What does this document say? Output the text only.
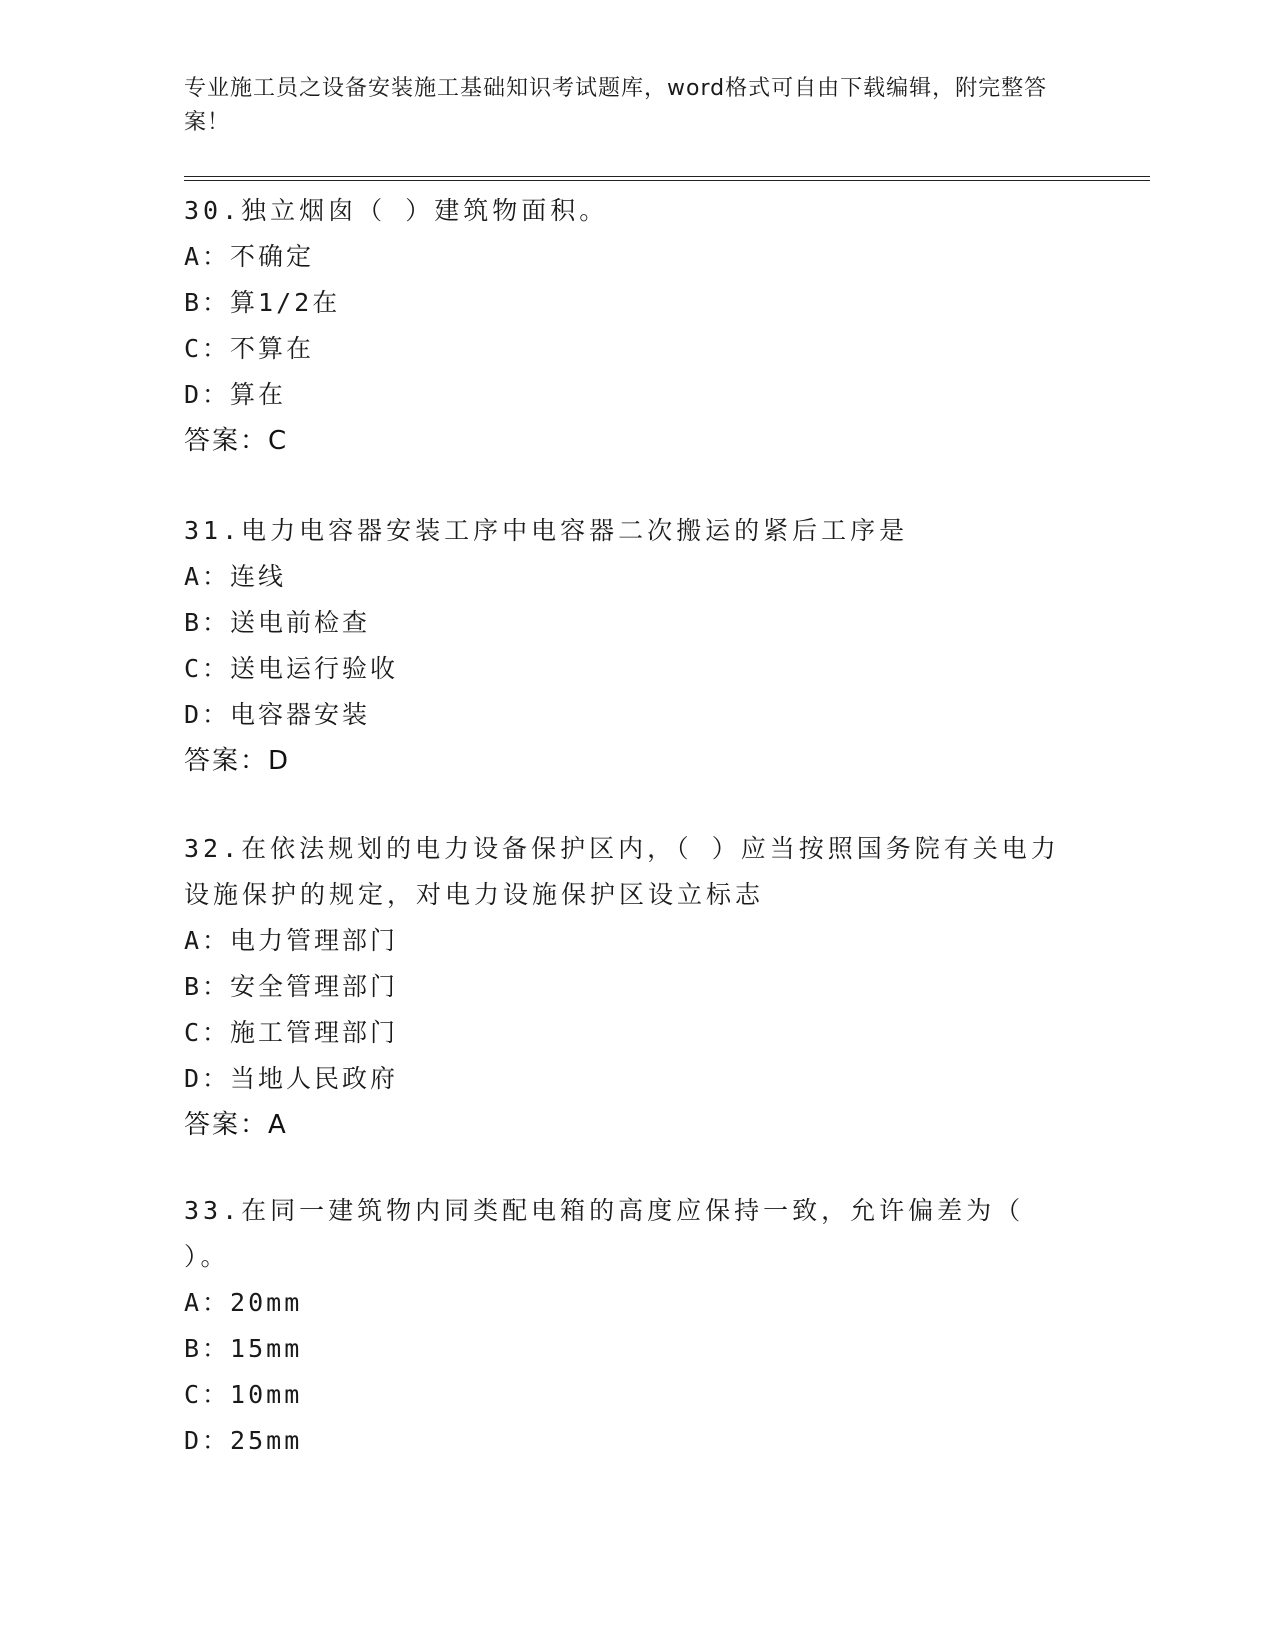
专业施工员之设备安装施工基础知识考试题库，word格式可自由下载编辑，附完整答案！
30.独立烟囱（ ）建筑物面积。
A：不确定
B：算1/2在
C：不算在
D：算在
答案：C
31.电力电容器安装工序中电容器二次搬运的紧后工序是
A：连线
B：送电前检查
C：送电运行验收
D：电容器安装
答案：D
32.在依法规划的电力设备保护区内，（ ）应当按照国务院有关电力设施保护的规定，对电力设施保护区设立标志
A：电力管理部门
B：安全管理部门
C：施工管理部门
D：当地人民政府
答案：A
33.在同一建筑物内同类配电箱的高度应保持一致，允许偏差为（ ）。
A：20mm
B：15mm
C：10mm
D：25mm
